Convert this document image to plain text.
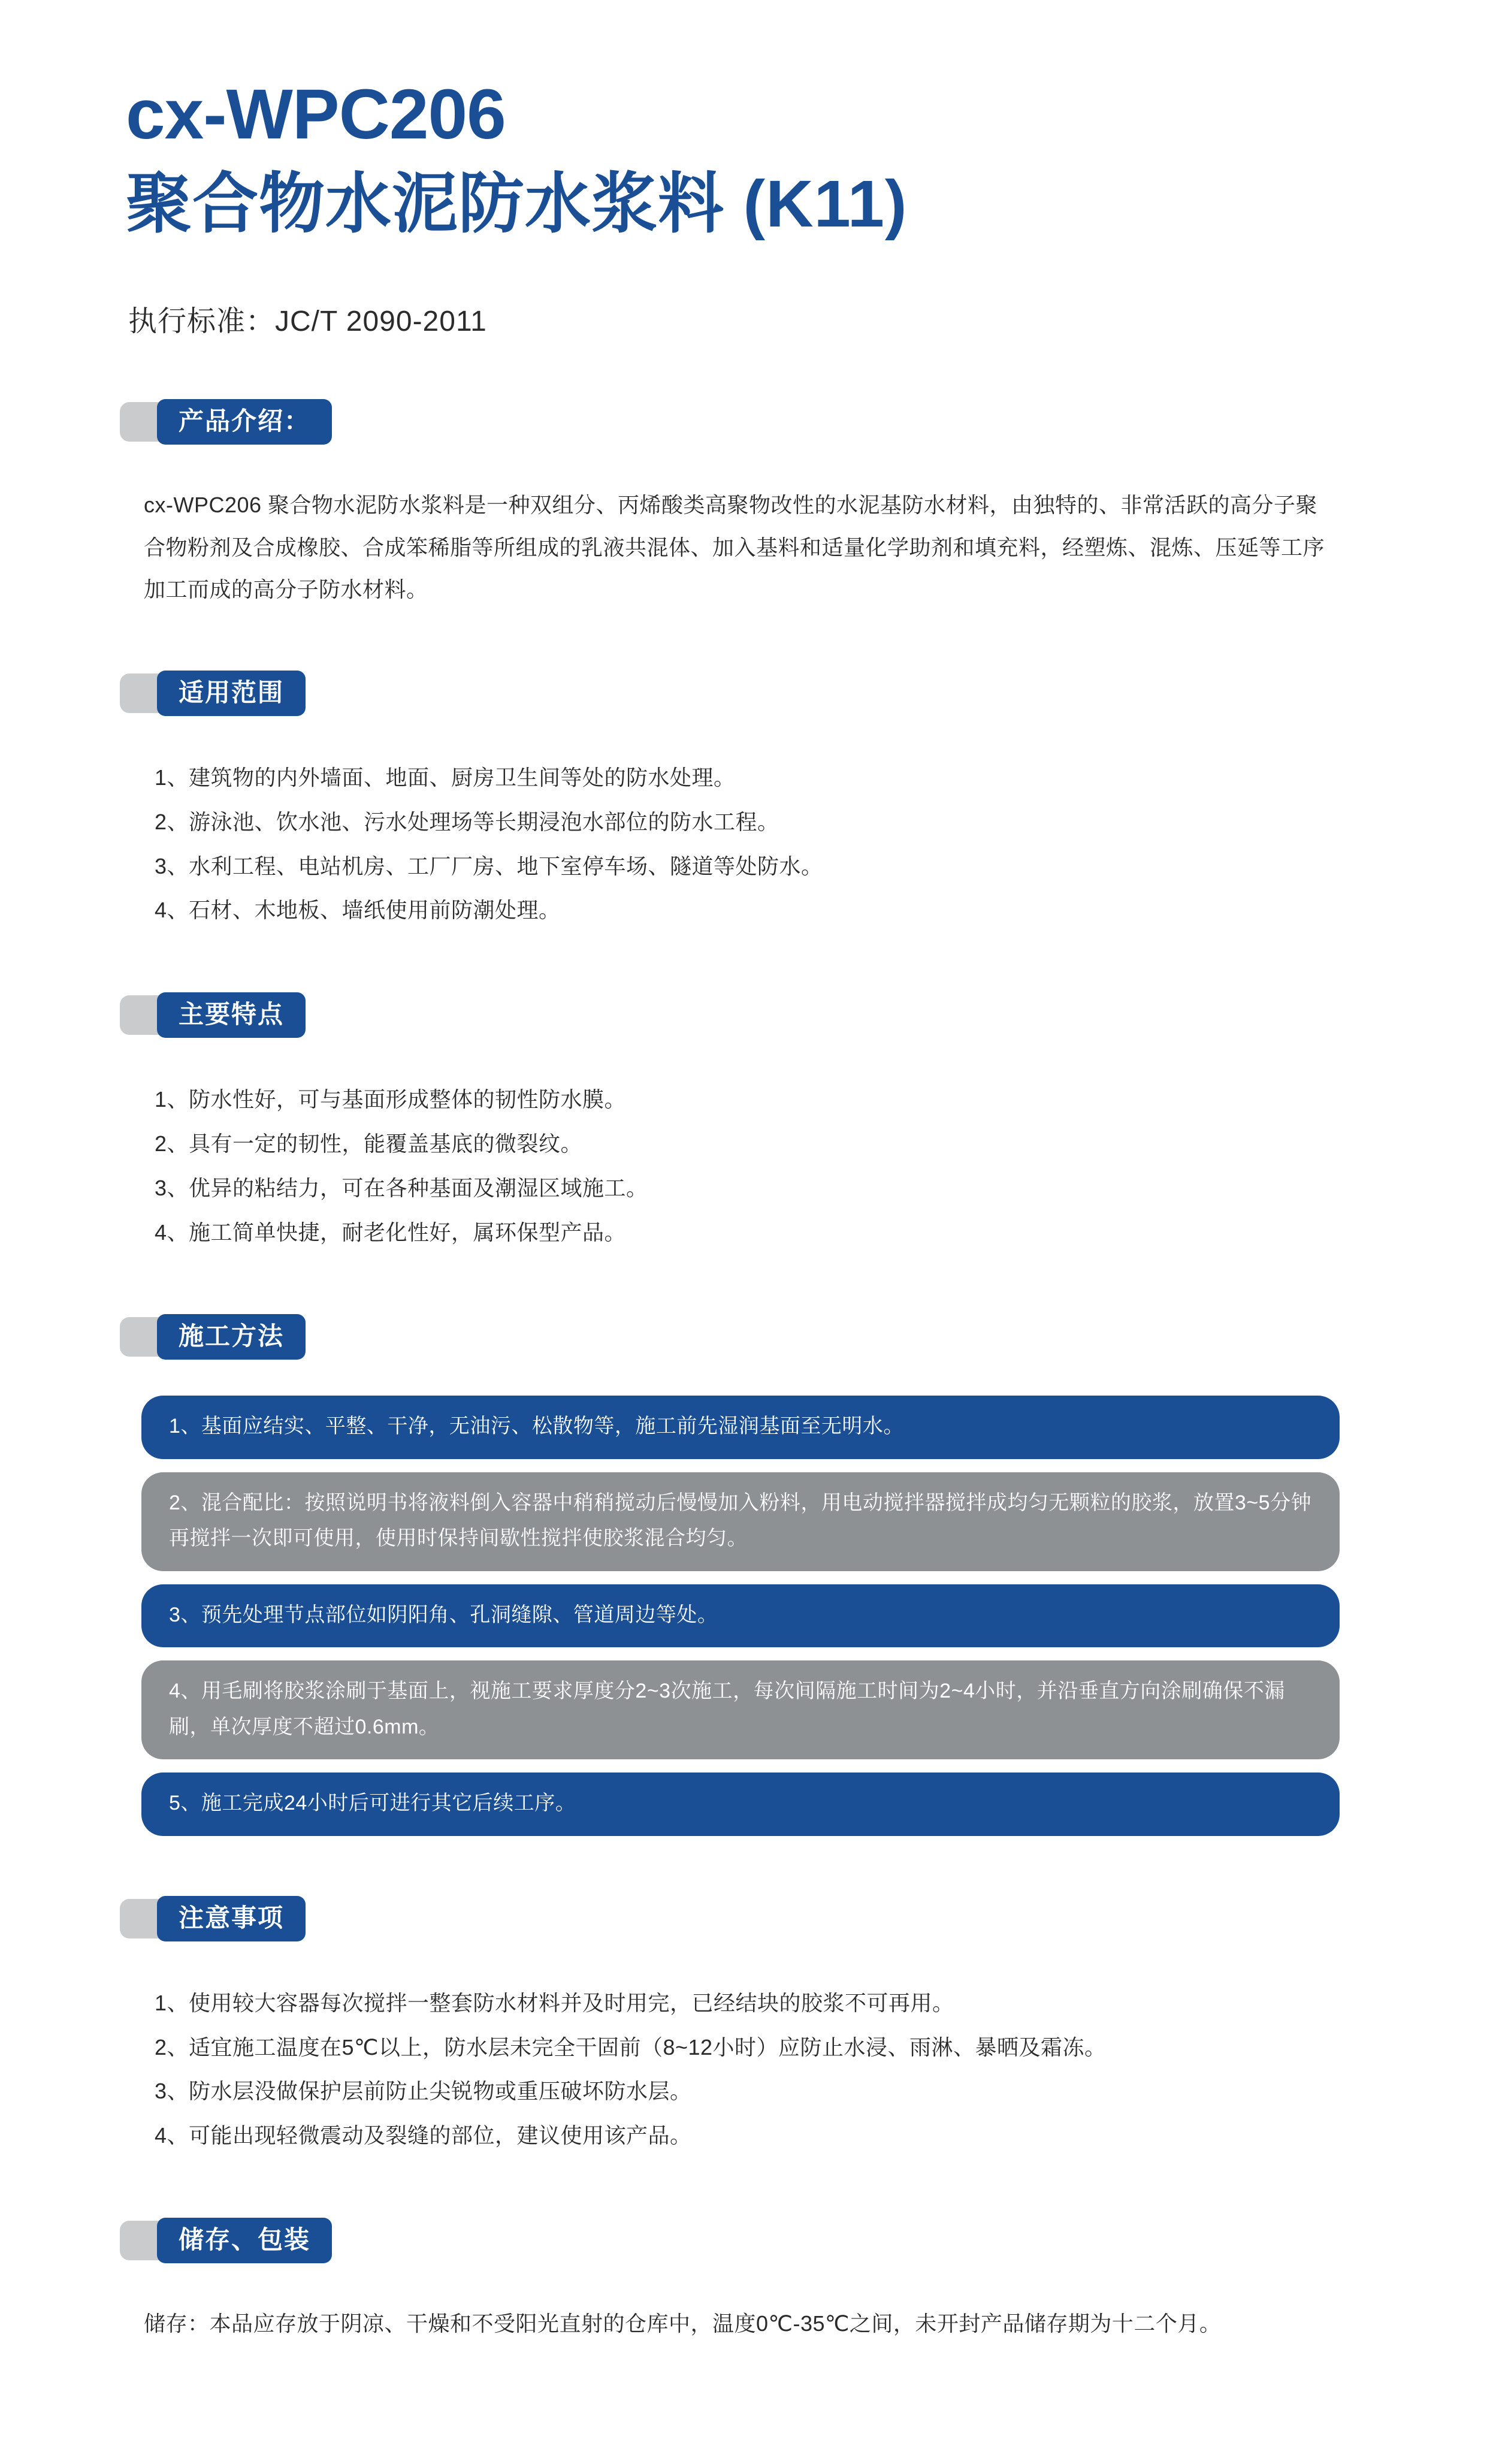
cx-WPC206
聚合物水泥防水浆料 (K11)
执行标准：JC/T 2090-2011
产品介绍：

cx-WPC206 聚合物水泥防水浆料是一种双组分、丙烯酸类高聚物改性的水泥基防水材料，由独特的、非常活跃的高分子聚合物粉剂及合成橡胶、合成笨稀脂等所组成的乳液共混体、加入基料和适量化学助剂和填充料，经塑炼、混炼、压延等工序加工而成的高分子防水材料。

适用范围
1、建筑物的内外墙面、地面、厨房卫生间等处的防水处理。
2、游泳池、饮水池、污水处理场等长期浸泡水部位的防水工程。
3、水利工程、电站机房、工厂厂房、地下室停车场、隧道等处防水。
4、石材、木地板、墙纸使用前防潮处理。
主要特点
1、防水性好，可与基面形成整体的韧性防水膜。
2、具有一定的韧性，能覆盖基底的微裂纹。
3、优异的粘结力，可在各种基面及潮湿区域施工。
4、施工简单快捷，耐老化性好，属环保型产品。
施工方法
1、基面应结实、平整、干净，无油污、松散物等，施工前先湿润基面至无明水。
2、混合配比：按照说明书将液料倒入容器中稍稍搅动后慢慢加入粉料，用电动搅拌器搅拌成均匀无颗粒的胶浆，放置3~5分钟再搅拌一次即可使用，使用时保持间歇性搅拌使胶浆混合均匀。
3、预先处理节点部位如阴阳角、孔洞缝隙、管道周边等处。
4、用毛刷将胶浆涂刷于基面上，视施工要求厚度分2~3次施工，每次间隔施工时间为2~4小时，并沿垂直方向涂刷确保不漏刷，单次厚度不超过0.6mm。
5、施工完成24小时后可进行其它后续工序。
注意事项
1、使用较大容器每次搅拌一整套防水材料并及时用完，已经结块的胶浆不可再用。
2、适宜施工温度在5℃以上，防水层未完全干固前（8~12小时）应防止水浸、雨淋、暴晒及霜冻。
3、防水层没做保护层前防止尖锐物或重压破坏防水层。
4、可能出现轻微震动及裂缝的部位，建议使用该产品。
储存、包装
储存：本品应存放于阴凉、干燥和不受阳光直射的仓库中，温度0℃-35℃之间，未开封产品储存期为十二个月。
